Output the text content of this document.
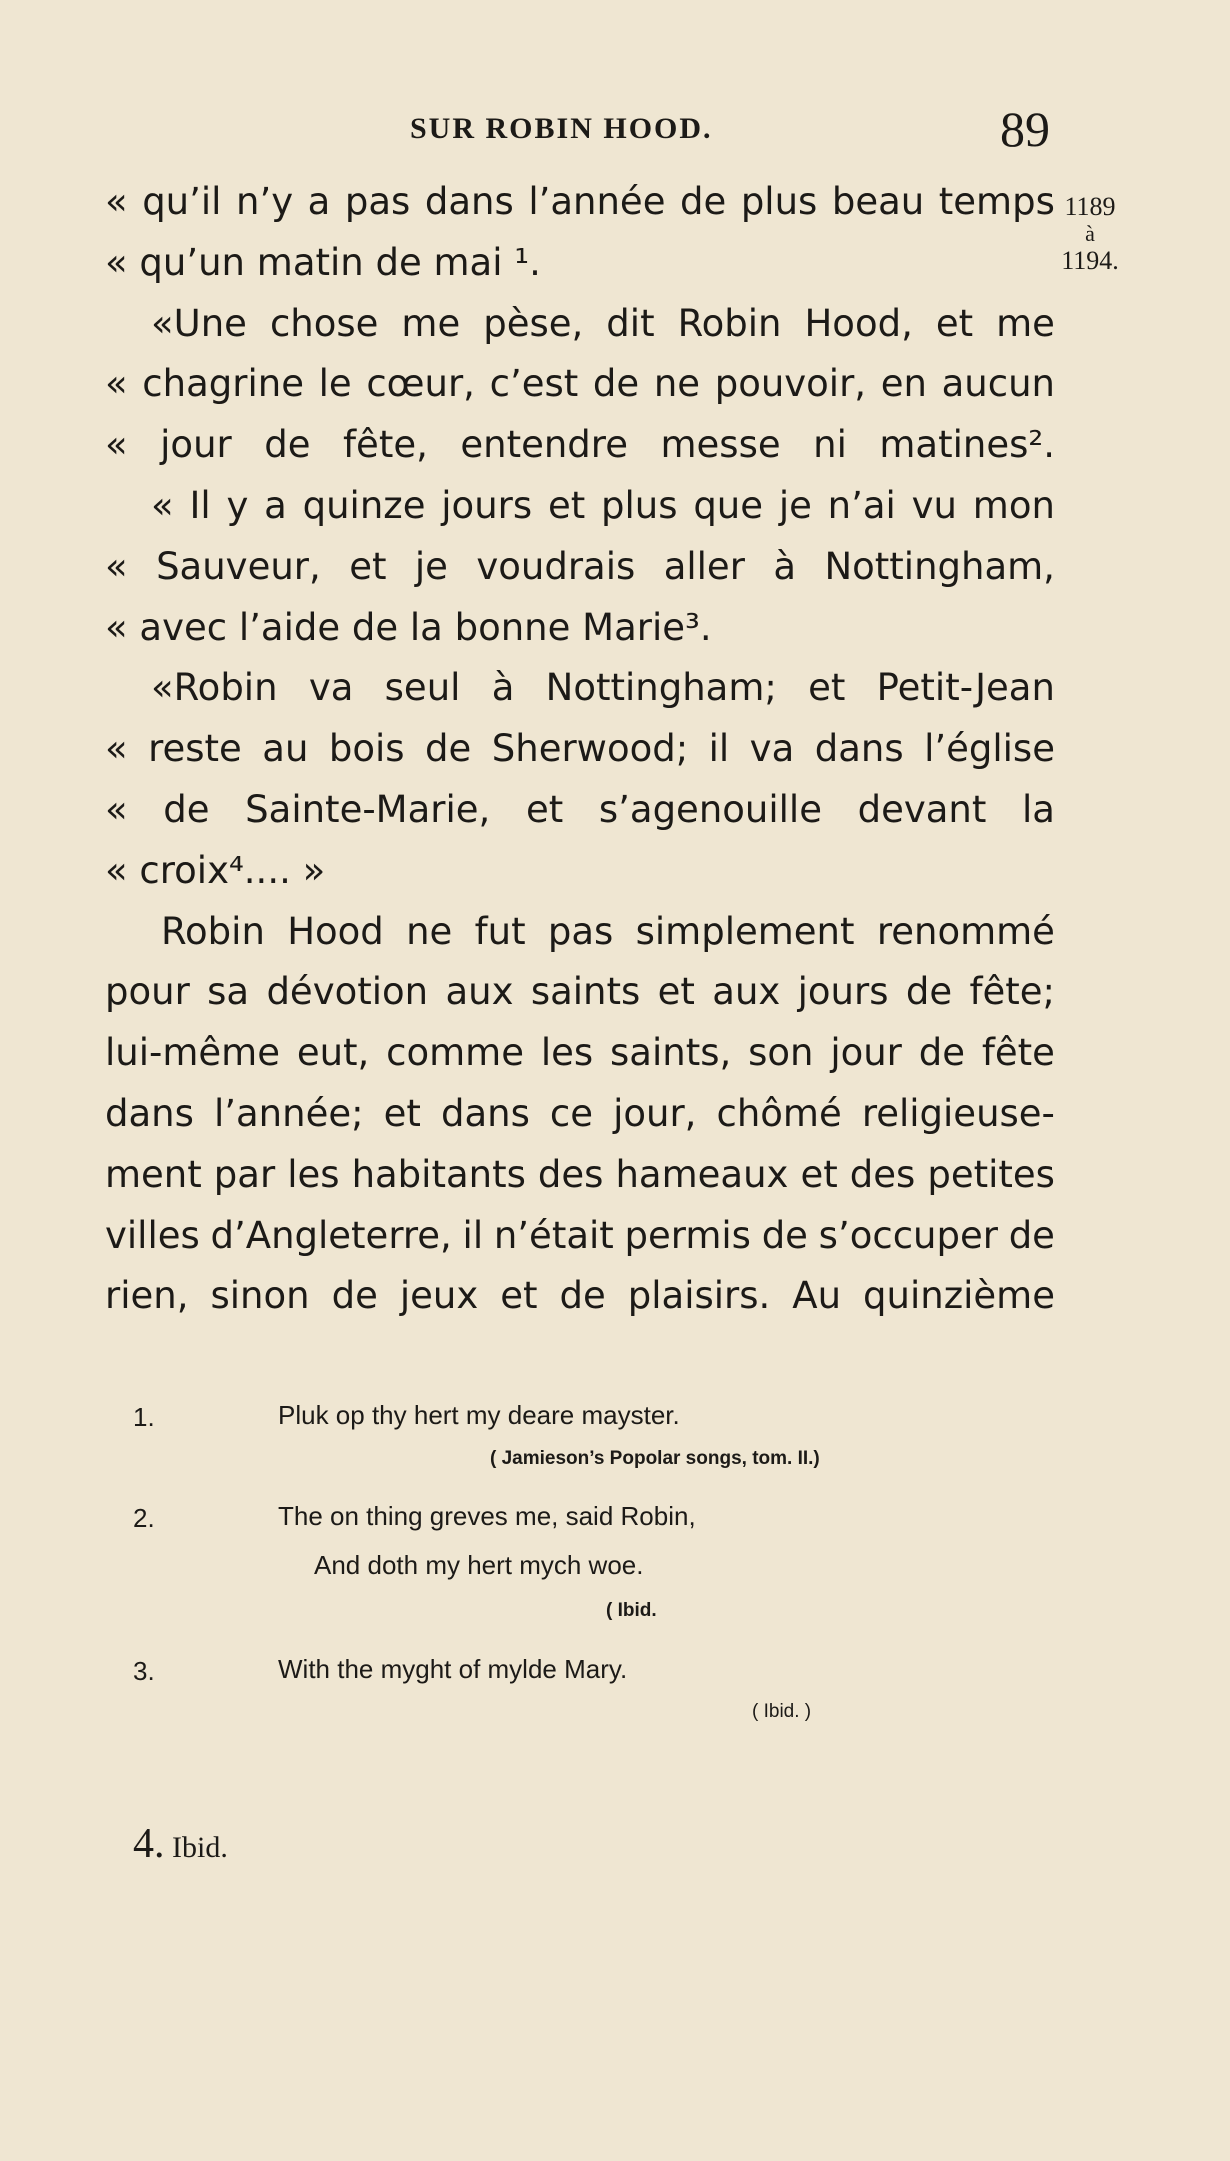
SUR ROBIN HOOD.	89
1189
à
1194.
« qu’il n’y a pas dans l’année de plus beau temps
«
qu’un
matin
de
mai
¹.
«Une chose me pèse, dit Robin Hood, et me
« chagrine le cœur, c’est de ne pouvoir, en aucun
« jour de fête, entendre messe ni matines².
« Il y a quinze jours et plus que je n’ai vu mon
« Sauveur, et je voudrais aller à Nottingham,
«
avec
l’aide
de
la
bonne
Marie³.
«Robin va seul à Nottingham; et Petit-Jean
« reste au bois de Sherwood; il va dans l’église
« de Sainte-Marie, et s’agenouille devant la
«
croix⁴....
»
Robin Hood ne fut pas simplement renommé
pour sa dévotion aux saints et aux jours de fête;
lui-même eut, comme les saints, son jour de fête
dans l’année; et dans ce jour, chômé religieuse-
ment par les habitants des hameaux et des petites
villes d’Angleterre, il n’était permis de s’occuper de
rien, sinon de jeux et de plaisirs. Au quinzième
1.	Pluk op thy hert my deare mayster.
( Jamieson’s Popolar songs, tom. II.)
2.	The on thing greves me, said Robin,
And doth my hert mych woe.
( Ibid.
3.	With the myght of mylde Mary.
( Ibid. )
4. Ibid.
